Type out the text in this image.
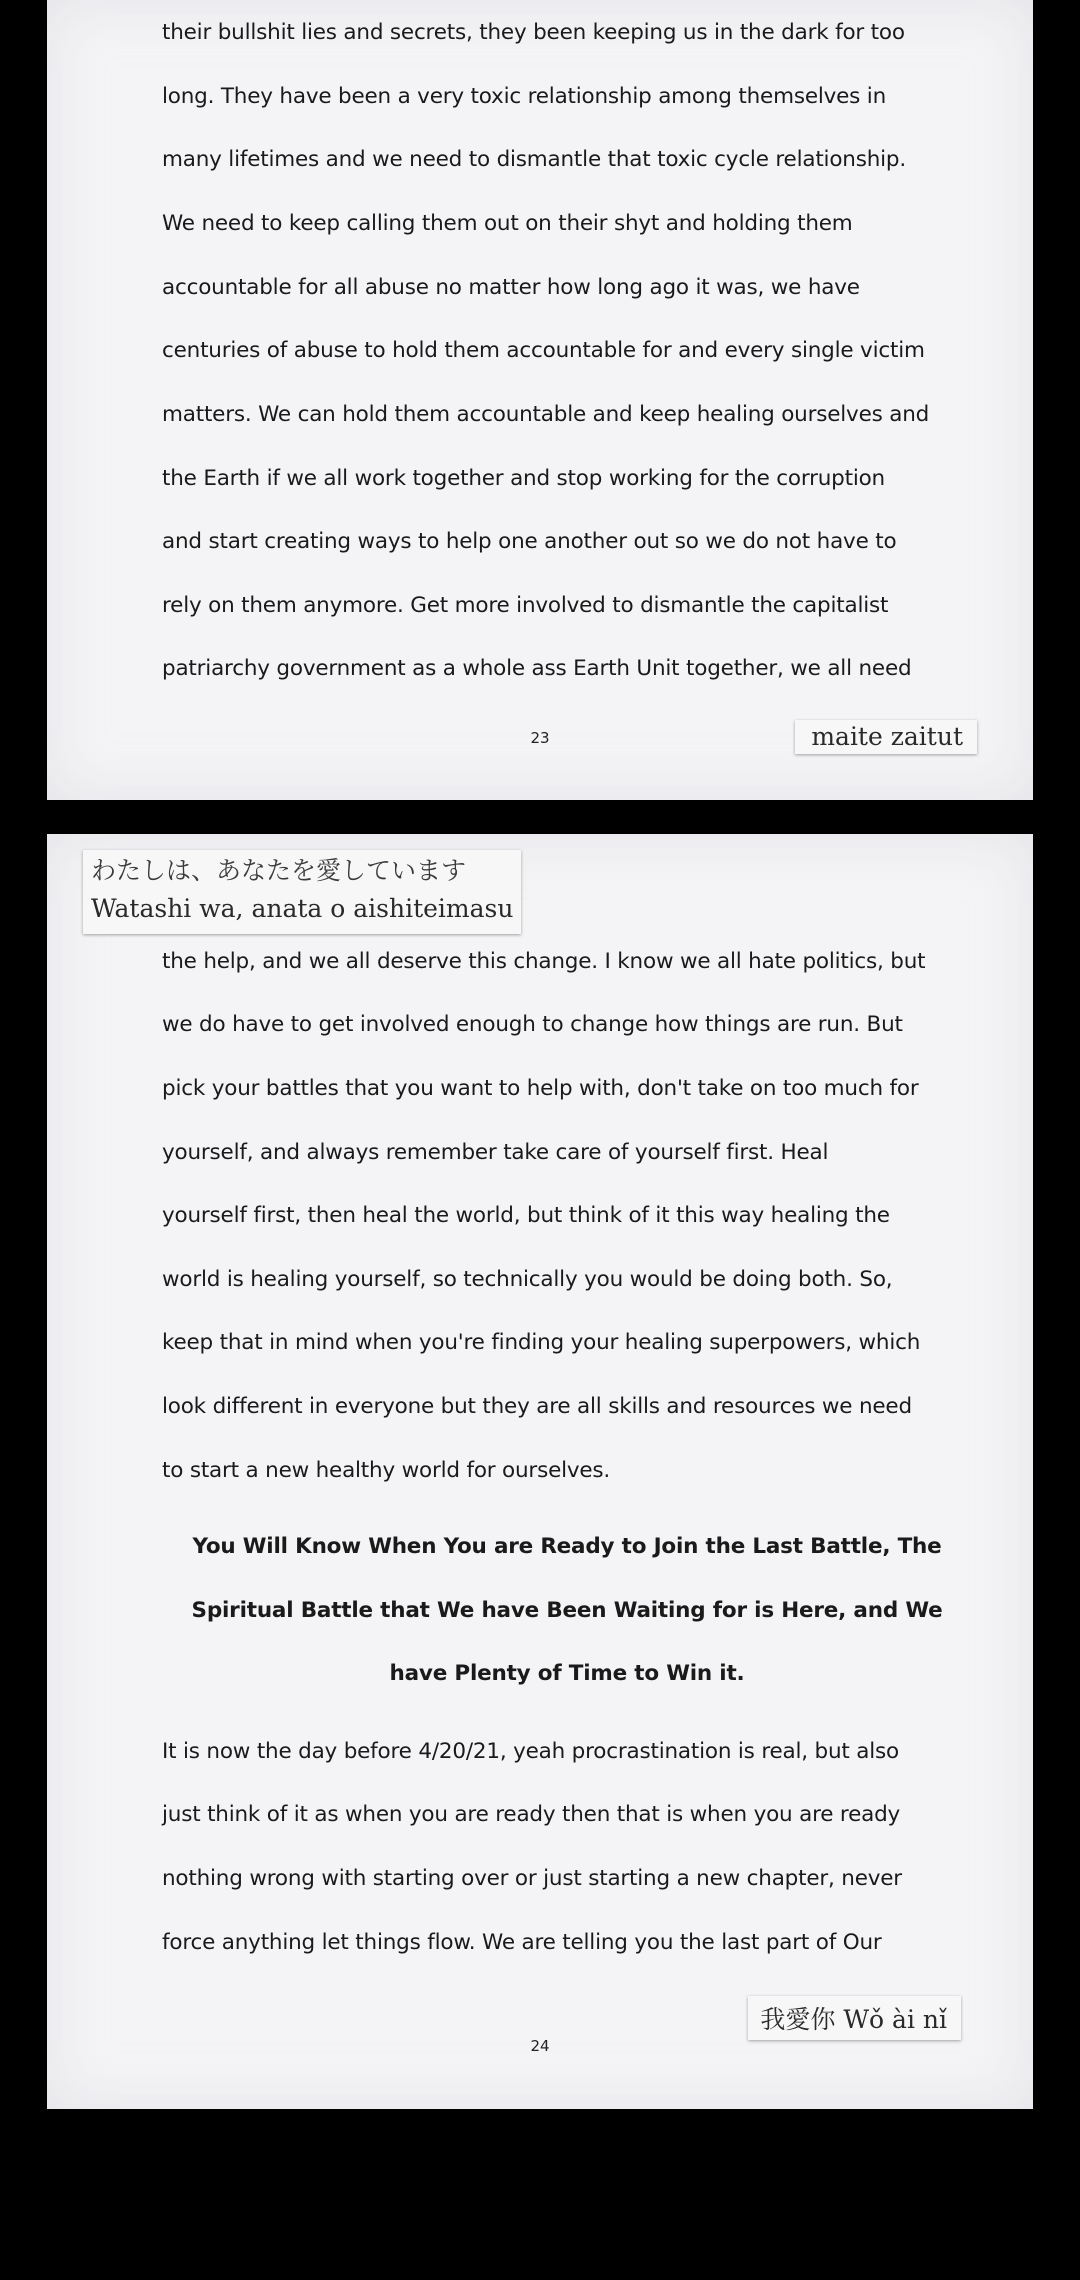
their bullshit lies and secrets, they been keeping us in the dark for too
long. They have been a very toxic relationship among themselves in
many lifetimes and we need to dismantle that toxic cycle relationship.
We need to keep calling them out on their shyt and holding them
accountable for all abuse no matter how long ago it was, we have
centuries of abuse to hold them accountable for and every single victim
matters. We can hold them accountable and keep healing ourselves and
the Earth if we all work together and stop working for the corruption
and start creating ways to help one another out so we do not have to
rely on them anymore. Get more involved to dismantle the capitalist
patriarchy government as a whole ass Earth Unit together, we all need
23	maite zaitut
わたしは、あなたを愛しています
Watashi wa, anata o aishiteimasu
the help, and we all deserve this change. I know we all hate politics, but
we do have to get involved enough to change how things are run. But
pick your battles that you want to help with, don't take on too much for
yourself, and always remember take care of yourself first. Heal
yourself first, then heal the world, but think of it this way healing the
world is healing yourself, so technically you would be doing both. So,
keep that in mind when you're finding your healing superpowers, which
look different in everyone but they are all skills and resources we need
to start a new healthy world for ourselves.
You Will Know When You are Ready to Join the Last Battle, The
Spiritual Battle that We have Been Waiting for is Here, and We
have Plenty of Time to Win it.
It is now the day before 4/20/21, yeah procrastination is real, but also
just think of it as when you are ready then that is when you are ready
nothing wrong with starting over or just starting a new chapter, never
force anything let things flow. We are telling you the last part of Our
我愛你 Wǒ ài nǐ
24
